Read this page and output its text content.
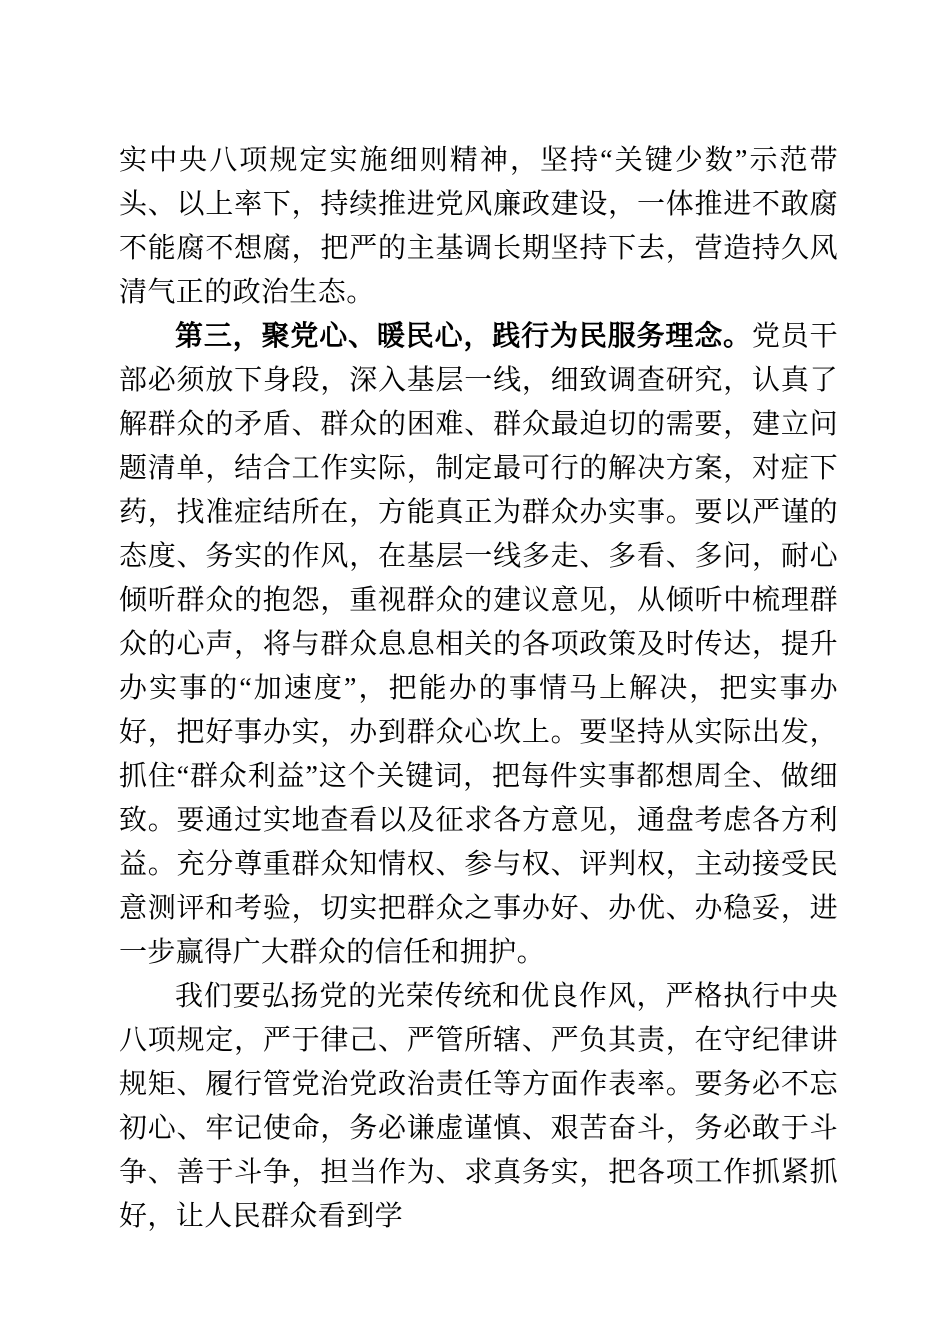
实中央八项规定实施细则精神，坚持“关键少数”示范带头、以上率下，持续推进党风廉政建设，一体推进不敢腐不能腐不想腐，把严的主基调长期坚持下去，营造持久风清气正的政治生态。

第三，聚党心、暖民心，践行为民服务理念。党员干部必须放下身段，深入基层一线，细致调查研究，认真了解群众的矛盾、群众的困难、群众最迫切的需要，建立问题清单，结合工作实际，制定最可行的解决方案，对症下药，找准症结所在，方能真正为群众办实事。要以严谨的态度、务实的作风，在基层一线多走、多看、多问，耐心倾听群众的抱怨，重视群众的建议意见，从倾听中梳理群众的心声，将与群众息息相关的各项政策及时传达，提升办实事的“加速度”，把能办的事情马上解决，把实事办好，把好事办实，办到群众心坎上。要坚持从实际出发，抓住“群众利益”这个关键词，把每件实事都想周全、做细致。要通过实地查看以及征求各方意见，通盘考虑各方利益。充分尊重群众知情权、参与权、评判权，主动接受民意测评和考验，切实把群众之事办好、办优、办稳妥，进一步赢得广大群众的信任和拥护。

我们要弘扬党的光荣传统和优良作风，严格执行中央八项规定，严于律己、严管所辖、严负其责，在守纪律讲规矩、履行管党治党政治责任等方面作表率。要务必不忘初心、牢记使命，务必谦虚谨慎、艰苦奋斗，务必敢于斗争、善于斗争，担当作为、求真务实，把各项工作抓紧抓好，让人民群众看到学
